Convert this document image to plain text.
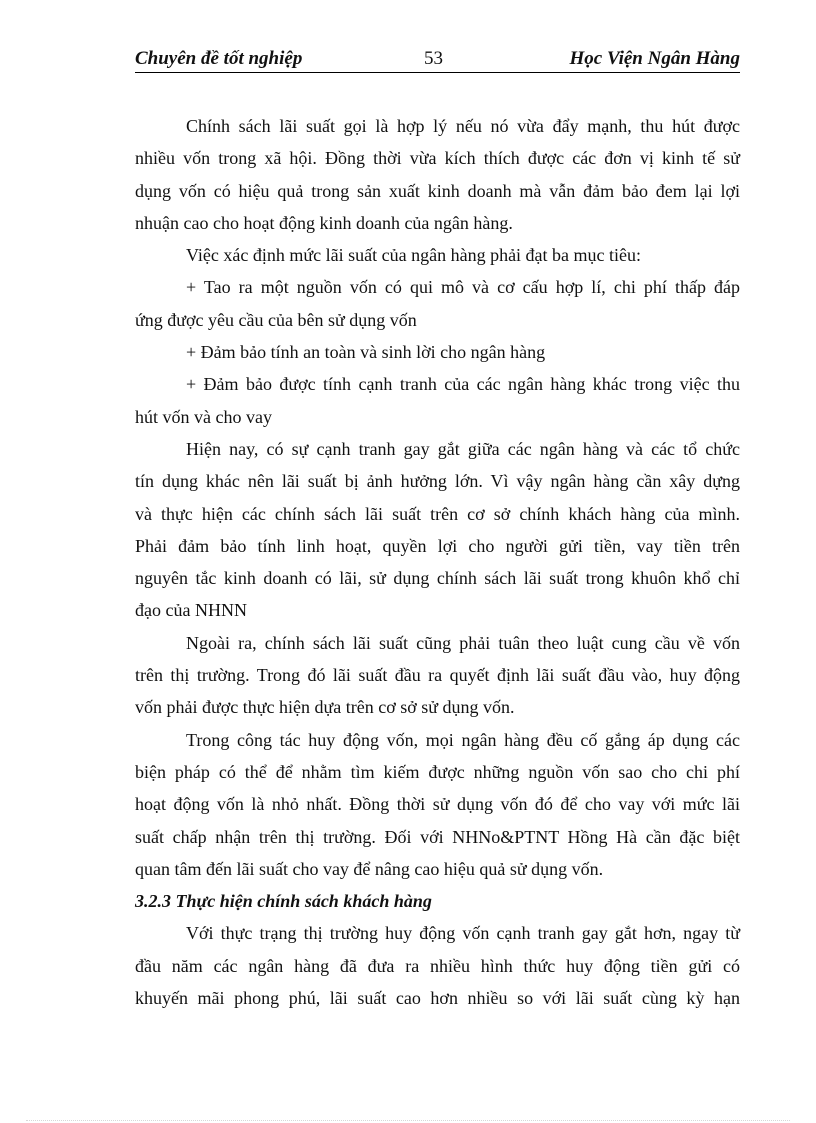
Chuyên đề tốt nghiệp	53	Học Viện Ngân Hàng
Chính sách lãi suất gọi là hợp lý nếu nó vừa đẩy mạnh, thu hút được
nhiều vốn trong xã hội. Đồng thời vừa kích thích được các đơn vị kinh tế sử
dụng vốn có hiệu quả trong sản xuất kinh doanh mà vẫn đảm bảo đem lại lợi
nhuận cao cho hoạt động kinh doanh của ngân hàng.
Việc xác định mức lãi suất của ngân hàng phải đạt ba mục tiêu:
+ Tao ra một nguồn vốn có qui mô và cơ cấu hợp lí, chi phí thấp đáp
ứng được yêu cầu của bên sử dụng vốn
+ Đảm bảo tính an toàn và sinh lời cho ngân hàng
+ Đảm bảo được tính cạnh tranh của các ngân hàng khác trong việc thu
hút vốn và cho vay
Hiện nay, có sự cạnh tranh gay gắt giữa các ngân hàng và các tổ chức
tín dụng khác nên lãi suất bị ảnh hưởng lớn. Vì vậy ngân hàng cần xây dựng
và thực hiện các chính sách lãi suất trên cơ sở chính khách hàng của mình.
Phải đảm bảo tính linh hoạt, quyền lợi cho người gửi tiền, vay tiền trên
nguyên tắc kinh doanh có lãi, sử dụng chính sách lãi suất trong khuôn khổ chỉ
đạo của NHNN
Ngoài ra, chính sách lãi suất cũng phải tuân theo luật cung cầu về vốn
trên thị trường. Trong đó lãi suất đầu ra quyết định lãi suất đầu vào, huy động
vốn phải được thực hiện dựa trên cơ sở sử dụng vốn.
Trong công tác huy động vốn, mọi ngân hàng đều cố gắng áp dụng các
biện pháp có thể để nhằm tìm kiếm được những nguồn vốn sao cho chi phí
hoạt động vốn là nhỏ nhất. Đồng thời sử dụng vốn đó để cho vay với mức lãi
suất chấp nhận trên thị trường. Đối với NHNo&PTNT Hồng Hà cần đặc biệt
quan tâm đến lãi suất cho vay để nâng cao hiệu quả sử dụng vốn.
3.2.3 Thực hiện chính sách khách hàng
Với thực trạng thị trường huy động vốn cạnh tranh gay gắt hơn, ngay từ
đầu năm các ngân hàng đã đưa ra nhiều hình thức huy động tiền gửi có
khuyến mãi phong phú, lãi suất cao hơn nhiều so với lãi suất cùng kỳ hạn
